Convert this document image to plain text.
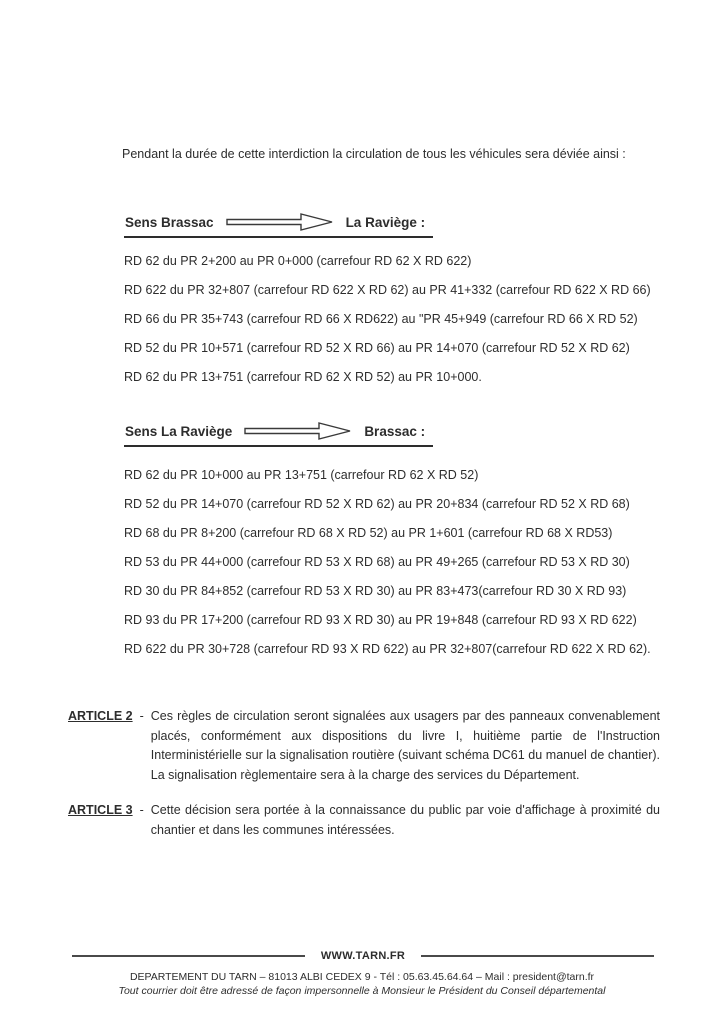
Pendant la durée de cette interdiction la circulation de tous les véhicules sera déviée ainsi :

Sens Brassac	La Raviège :
RD 62 du PR 2+200 au PR 0+000 (carrefour RD 62 X RD 622)
RD 622 du PR 32+807 (carrefour RD 622 X RD 62) au PR 41+332 (carrefour RD 622 X RD 66)
RD 66 du PR 35+743 (carrefour RD 66 X RD622) au "PR 45+949 (carrefour RD 66 X RD 52)
RD 52 du PR 10+571 (carrefour RD 52 X RD 66) au PR 14+070 (carrefour RD 52 X RD 62)
RD 62 du PR 13+751 (carrefour RD 62 X RD 52) au PR 10+000.
Sens La Raviège	Brassac :
RD 62 du PR 10+000 au PR 13+751 (carrefour RD 62 X RD 52)
RD 52 du PR 14+070 (carrefour RD 52 X RD 62) au PR 20+834 (carrefour RD 52 X RD 68)
RD 68 du PR 8+200 (carrefour RD 68 X RD 52) au PR 1+601 (carrefour RD 68 X RD53)
RD 53 du PR 44+000 (carrefour RD 53 X RD 68) au PR 49+265 (carrefour RD 53 X RD 30)
RD 30 du PR 84+852 (carrefour RD 53 X RD 30) au PR 83+473(carrefour RD 30 X RD 93)
RD 93 du PR 17+200 (carrefour RD 93 X RD 30) au PR 19+848 (carrefour RD 93 X RD 622)
RD 622 du PR 30+728 (carrefour RD 93 X RD 622) au PR 32+807(carrefour RD 622 X RD 62).
ARTICLE 2 - Ces règles de circulation seront signalées aux usagers par des panneaux convenablement placés, conformément aux dispositions du livre I, huitième partie de l'Instruction Interministérielle sur la signalisation routière (suivant schéma DC61 du manuel de chantier). La signalisation règlementaire sera à la charge des services du Département.

ARTICLE 3 - Cette décision sera portée à la connaissance du public par voie d'affichage à proximité du chantier et dans les communes intéressées.

WWW.TARN.FR
DEPARTEMENT DU TARN – 81013 ALBI CEDEX 9 - Tél : 05.63.45.64.64 – Mail : president@tarn.fr
Tout courrier doit être adressé de façon impersonnelle à Monsieur le Président du Conseil départemental
